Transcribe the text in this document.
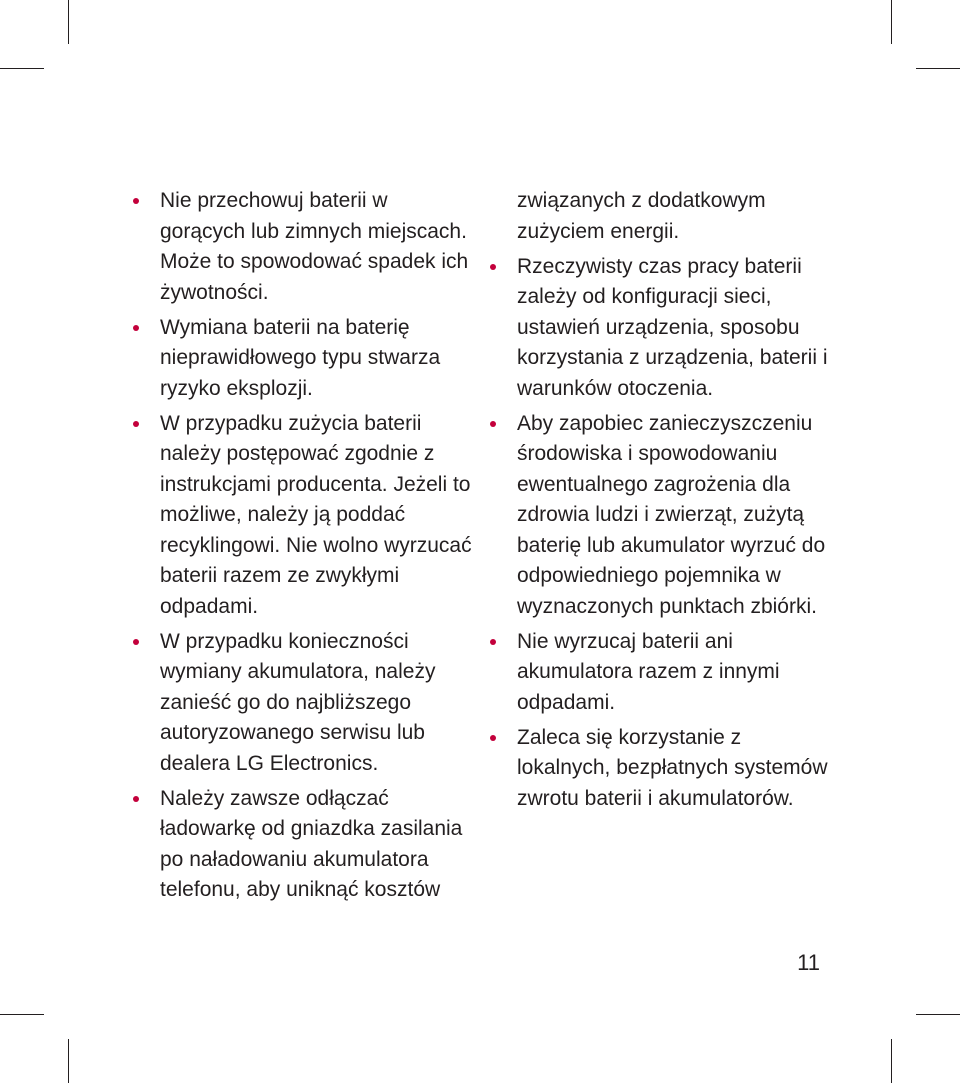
Nie przechowuj baterii w gorących lub zimnych miejscach. Może to spowodować spadek ich żywotności.
Wymiana baterii na baterię nieprawidłowego typu stwarza ryzyko eksplozji.
W przypadku zużycia baterii należy postępować zgodnie z instrukcjami producenta. Jeżeli to możliwe, należy ją poddać recyklingowi. Nie wolno wyrzucać baterii razem ze zwykłymi odpadami.
W przypadku konieczności wymiany akumulatora, należy zanieść go do najbliższego autoryzowanego serwisu lub dealera LG Electronics.
Należy zawsze odłączać ładowarkę od gniazdka zasilania po naładowaniu akumulatora telefonu, aby uniknąć kosztów
związanych z dodatkowym zużyciem energii.
Rzeczywisty czas pracy baterii zależy od konfiguracji sieci, ustawień urządzenia, sposobu korzystania z urządzenia, baterii i warunków otoczenia.
Aby zapobiec zanieczyszczeniu środowiska i spowodowaniu ewentualnego zagrożenia dla zdrowia ludzi i zwierząt, zużytą baterię lub akumulator wyrzuć do odpowiedniego pojemnika w wyznaczonych punktach zbiórki.
Nie wyrzucaj baterii ani akumulatora razem z innymi odpadami.
Zaleca się korzystanie z lokalnych, bezpłatnych systemów zwrotu baterii i akumulatorów.
11
